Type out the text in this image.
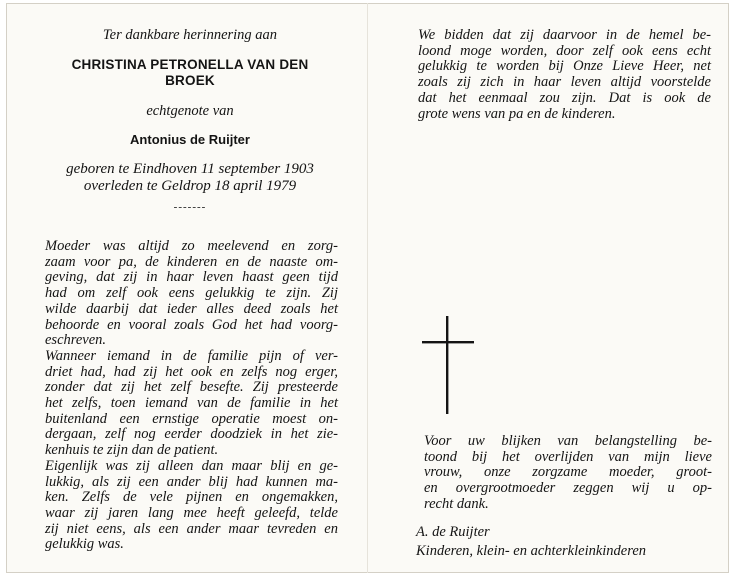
Ter dankbare herinnering aan
CHRISTINA PETRONELLA VAN DEN
BROEK
echtgenote van
Antonius de Ruijter
geboren te Eindhoven 11 september 1903
overleden te Geldrop 18 april 1979
-------
Moeder was altijd zo meelevend en zorg-
zaam voor pa, de kinderen en de naaste om-
geving, dat zij in haar leven haast geen tijd
had om zelf ook eens gelukkig te zijn. Zij
wilde daarbij dat ieder alles deed zoals het
behoorde en vooral zoals God het had voorg-
eschreven.
Wanneer iemand in de familie pijn of ver-
driet had, had zij het ook en zelfs nog erger,
zonder dat zij het zelf besefte. Zij presteerde
het zelfs, toen iemand van de familie in het
buitenland een ernstige operatie moest on-
dergaan, zelf nog eerder doodziek in het zie-
kenhuis te zijn dan de patient.
Eigenlijk was zij alleen dan maar blij en ge-
lukkig, als zij een ander blij had kunnen ma-
ken. Zelfs de vele pijnen en ongemakken,
waar zij jaren lang mee heeft geleefd, telde
zij niet eens, als een ander maar tevreden en
gelukkig was.
We bidden dat zij daarvoor in de hemel be-
loond moge worden, door zelf ook eens echt
gelukkig te worden bij Onze Lieve Heer, net
zoals zij zich in haar leven altijd voorstelde
dat het eenmaal zou zijn. Dat is ook de
grote wens van pa en de kinderen.
Voor uw blijken van belangstelling be-
toond bij het overlijden van mijn lieve
vrouw, onze zorgzame moeder, groot-
en overgrootmoeder zeggen wij u op-
recht dank.
A. de Ruijter
Kinderen, klein- en achterkleinkinderen
